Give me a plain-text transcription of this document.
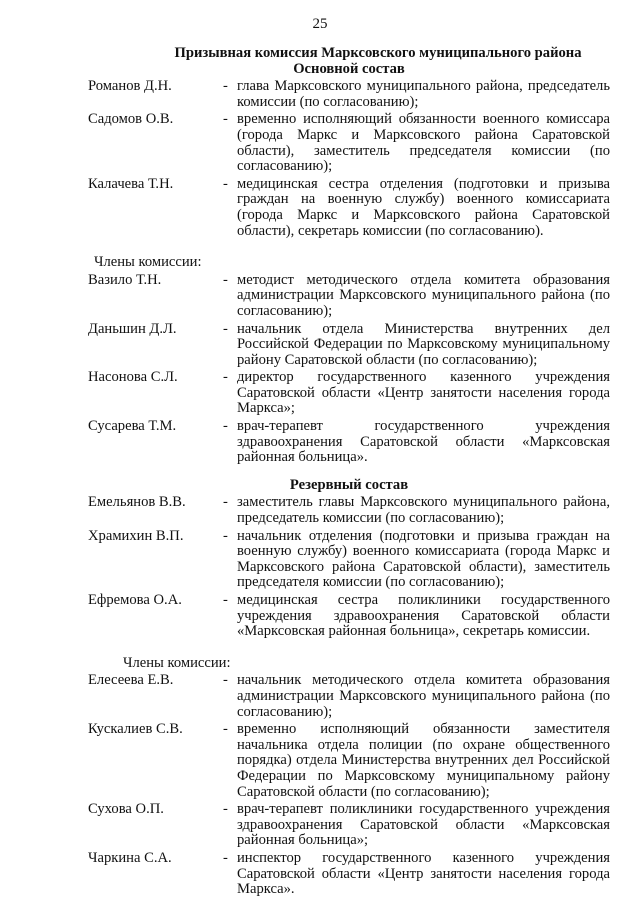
25
Призывная комиссия Марксовского муниципального района
Основной состав
Романов Д.Н.	- глава Марксовского муниципального района, председатель комиссии (по согласованию);
Садомов О.В.	- временно исполняющий обязанности военного комиссара (города Маркс и Марксовского района Саратовской области), заместитель председателя комиссии (по согласованию);
Калачева Т.Н.	- медицинская сестра отделения (подготовки и призыва граждан на военную службу) военного комиссариата (города Маркс и Марксовского района Саратовской области), секретарь комиссии (по согласованию).
Члены комиссии:
Вазило Т.Н.	- методист методического отдела комитета образования администрации Марксовского муниципального района (по согласованию);
Даньшин Д.Л.	- начальник отдела Министерства внутренних дел Российской Федерации по Марксовскому муниципальному району Саратовской области (по согласованию);
Насонова С.Л.	- директор государственного казенного учреждения Саратовской области «Центр занятости населения города Маркса»;
Сусарева Т.М.	- врач-терапевт государственного учреждения здравоохранения Саратовской области «Марксовская районная больница».
Резервный состав
Емельянов В.В.	- заместитель главы Марксовского муниципального района, председатель комиссии (по согласованию);
Храмихин В.П.	- начальник отделения (подготовки и призыва граждан на военную службу) военного комиссариата (города Маркс и Марксовского района Саратовской области), заместитель председателя комиссии (по согласованию);
Ефремова О.А.	- медицинская сестра поликлиники государственного учреждения здравоохранения Саратовской области «Марксовская районная больница», секретарь комиссии.
Члены комиссии:
Елесеева Е.В.	- начальник методического отдела комитета образования администрации Марксовского муниципального района (по согласованию);
Кускалиев С.В.	- временно исполняющий обязанности заместителя начальника отдела полиции (по охране общественного порядка) отдела Министерства внутренних дел Российской Федерации по Марксовскому муниципальному району Саратовской области (по согласованию);
Сухова О.П.	- врач-терапевт поликлиники государственного учреждения здравоохранения Саратовской области «Марксовская районная больница»;
Чаркина С.А.	- инспектор государственного казенного учреждения Саратовской области «Центр занятости населения города Маркса».
